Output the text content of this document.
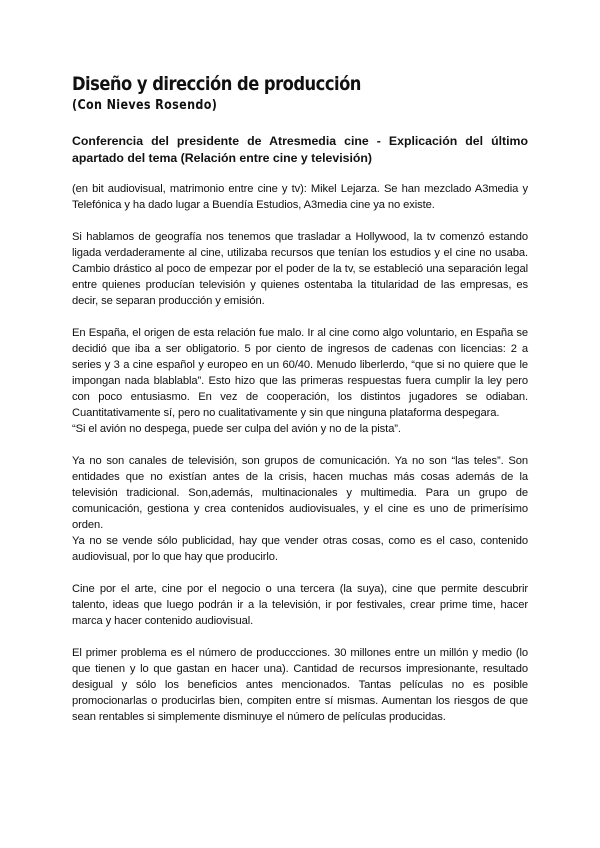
Diseño y dirección de producción
(Con Nieves Rosendo)
Conferencia del presidente de Atresmedia cine - Explicación del último apartado del tema (Relación entre cine y televisión)

(en bit audiovisual, matrimonio entre cine y tv): Mikel Lejarza. Se han mezclado A3media y Telefónica y ha dado lugar a Buendía Estudios, A3media cine ya no existe.

Si hablamos de geografía nos tenemos que trasladar a Hollywood, la tv comenzó estando ligada verdaderamente al cine, utilizaba recursos que tenían los estudios y el cine no usaba. Cambio drástico al poco de empezar por el poder de la tv, se estableció una separación legal entre quienes producían televisión y quienes ostentaba la titularidad de las empresas, es decir, se separan producción y emisión.

En España, el origen de esta relación fue malo. Ir al cine como algo voluntario, en España se decidió que iba a ser obligatorio. 5 por ciento de ingresos de cadenas con licencias: 2 a series y 3 a cine español y europeo en un 60/40. Menudo liberlerdo, “que si no quiere que le impongan nada blablabla”. Esto hizo que las primeras respuestas fuera cumplir la ley pero con poco entusiasmo. En vez de cooperación, los distintos jugadores se odiaban. Cuantitativamente sí, pero no cualitativamente y sin que ninguna plataforma despegara.

“Si el avión no despega, puede ser culpa del avión y no de la pista”.

Ya no son canales de televisión, son grupos de comunicación. Ya no son “las teles”. Son entidades que no existían antes de la crisis, hacen muchas más cosas además de la televisión tradicional. Son,además, multinacionales y multimedia. Para un grupo de comunicación, gestiona y crea contenidos audiovisuales, y el cine es uno de primerísimo orden.

Ya no se vende sólo publicidad, hay que vender otras cosas, como es el caso, contenido audiovisual, por lo que hay que producirlo.

Cine por el arte, cine por el negocio o una tercera (la suya), cine que permite descubrir talento, ideas que luego podrán ir a la televisión, ir por festivales, crear prime time, hacer marca y hacer contenido audiovisual.

El primer problema es el número de produccciones. 30 millones entre un millón y medio (lo que tienen y lo que gastan en hacer una). Cantidad de recursos impresionante, resultado desigual y sólo los beneficios antes mencionados. Tantas películas no es posible promocionarlas o producirlas bien, compiten entre sí mismas. Aumentan los riesgos de que sean rentables si simplemente disminuye el número de películas producidas.
